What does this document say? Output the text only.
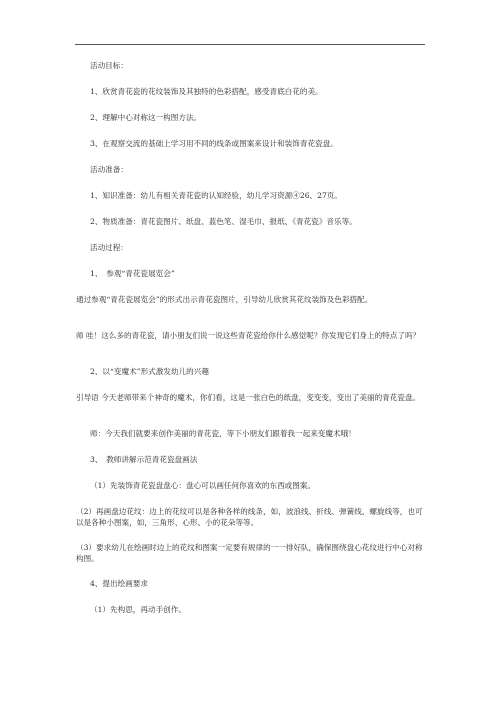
活动目标：

1、欣赏青花瓷的花纹装饰及其独特的色彩搭配，感受青底白花的美。

2、理解中心对称这一构图方法。

3、在观察交流的基础上学习用不同的线条或图案来设计和装饰青花瓷盘。

活动准备：

1、知识准备：幼儿有相关青花瓷的认知经验，幼儿学习资源④26、27页。

2、物质准备：青花瓷图片、纸盘、蓝色笔、湿毛巾、报纸、《青花瓷》音乐等。

活动过程：

1、　参观“青花瓷展览会”

通过参观“青花瓷展览会”的形式出示青花瓷图片，引导幼儿欣赏其花纹装饰及色彩搭配。

师 哇！这么多的青花瓷，请小朋友们说一说这些青花瓷给你什么感觉呢？你发现它们身上的特点了吗？

2、以“变魔术”形式激发幼儿的兴趣

引导语 今天老师带来个神奇的魔术，你们看，这是一张白色的纸盘，变变变，变出了美丽的青花瓷盘。

师：今天我们就要来创作美丽的青花瓷，等下小朋友们跟着我一起来变魔术哦！

3、　教师讲解示范青花瓷盘画法

（1）先装饰青花瓷盘盘心：盘心可以画任何你喜欢的东西或图案。

（2）再画盘边花纹：边上的花纹可以是各种各样的线条，如，波浪线、折线、弹簧线、螺旋线等，也可以是各种小图案，如，三角形、心形、小的花朵等等。

（3）要求幼儿在绘画时边上的花纹和图案一定要有规律的一一排好队，确保围绕盘心花纹进行中心对称构图。

4、提出绘画要求

（1）先构思，再动手创作。
